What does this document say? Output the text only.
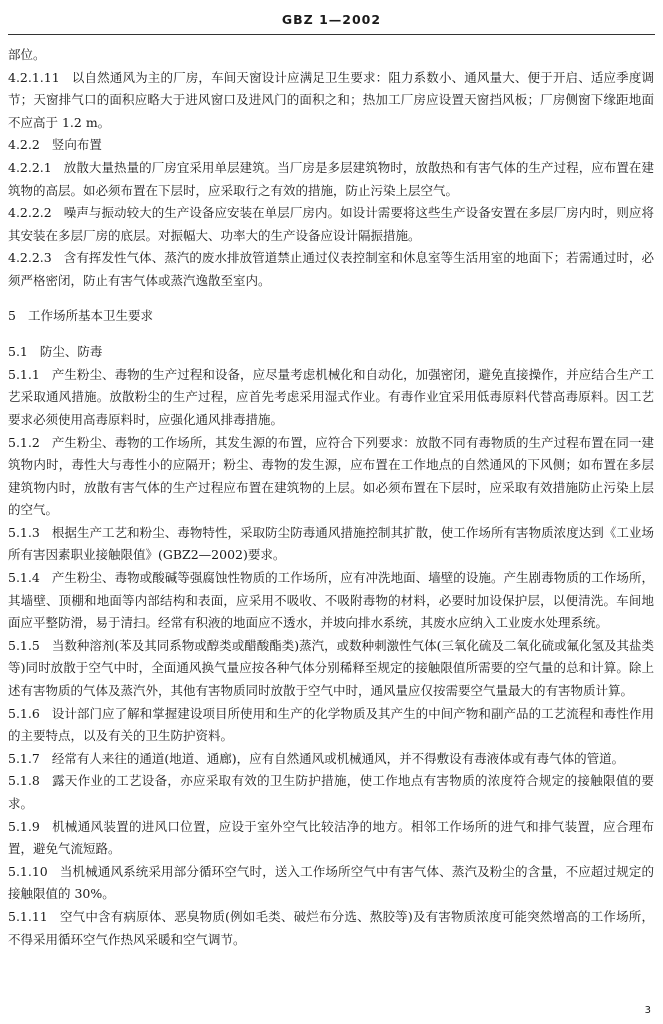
GBZ 1—2002

部位。

4.2.1.11 以自然通风为主的厂房，车间天窗设计应满足卫生要求：阻力系数小、通风量大、便于开启、适应季度调节；天窗排气口的面积应略大于进风窗口及进风门的面积之和；热加工厂房应设置天窗挡风板；厂房侧窗下缘距地面不应高于 1.2 m。

4.2.2 竖向布置

4.2.2.1 放散大量热量的厂房宜采用单层建筑。当厂房是多层建筑物时，放散热和有害气体的生产过程，应布置在建筑物的高层。如必须布置在下层时，应采取行之有效的措施，防止污染上层空气。

4.2.2.2 噪声与振动较大的生产设备应安装在单层厂房内。如设计需要将这些生产设备安置在多层厂房内时，则应将其安装在多层厂房的底层。对振幅大、功率大的生产设备应设计隔振措施。

4.2.2.3 含有挥发性气体、蒸汽的废水排放管道禁止通过仪表控制室和休息室等生活用室的地面下；若需通过时，必须严格密闭，防止有害气体或蒸汽逸散至室内。

5 工作场所基本卫生要求

5.1 防尘、防毒

5.1.1 产生粉尘、毒物的生产过程和设备，应尽量考虑机械化和自动化，加强密闭，避免直接操作，并应结合生产工艺采取通风措施。放散粉尘的生产过程，应首先考虑采用湿式作业。有毒作业宜采用低毒原料代替高毒原料。因工艺要求必须使用高毒原料时，应强化通风排毒措施。

5.1.2 产生粉尘、毒物的工作场所，其发生源的布置，应符合下列要求：放散不同有毒物质的生产过程布置在同一建筑物内时，毒性大与毒性小的应隔开；粉尘、毒物的发生源，应布置在工作地点的自然通风的下风侧；如布置在多层建筑物内时，放散有害气体的生产过程应布置在建筑物的上层。如必须布置在下层时，应采取有效措施防止污染上层的空气。

5.1.3 根据生产工艺和粉尘、毒物特性，采取防尘防毒通风措施控制其扩散，使工作场所有害物质浓度达到《工业场所有害因素职业接触限值》(GBZ2—2002)要求。

5.1.4 产生粉尘、毒物或酸碱等强腐蚀性物质的工作场所，应有冲洗地面、墙壁的设施。产生剧毒物质的工作场所，其墙壁、顶棚和地面等内部结构和表面，应采用不吸收、不吸附毒物的材料，必要时加设保护层，以便清洗。车间地面应平整防滑，易于清扫。经常有积液的地面应不透水，并坡向排水系统，其废水应纳入工业废水处理系统。

5.1.5 当数种溶剂(苯及其同系物或醇类或醋酸酯类)蒸汽，或数种刺激性气体(三氧化硫及二氧化硫或氟化氢及其盐类等)同时放散于空气中时，全面通风换气量应按各种气体分别稀释至规定的接触限值所需要的空气量的总和计算。除上述有害物质的气体及蒸汽外，其他有害物质同时放散于空气中时，通风量应仅按需要空气量最大的有害物质计算。

5.1.6 设计部门应了解和掌握建设项目所使用和生产的化学物质及其产生的中间产物和副产品的工艺流程和毒性作用的主要特点，以及有关的卫生防护资料。

5.1.7 经常有人来往的通道(地道、通廊)，应有自然通风或机械通风，并不得敷设有毒液体或有毒气体的管道。

5.1.8 露天作业的工艺设备，亦应采取有效的卫生防护措施，使工作地点有害物质的浓度符合规定的接触限值的要求。

5.1.9 机械通风装置的进风口位置，应设于室外空气比较洁净的地方。相邻工作场所的进气和排气装置，应合理布置，避免气流短路。

5.1.10 当机械通风系统采用部分循环空气时，送入工作场所空气中有害气体、蒸汽及粉尘的含量，不应超过规定的接触限值的 30%。

5.1.11 空气中含有病原体、恶臭物质(例如毛类、破烂布分选、熬胶等)及有害物质浓度可能突然增高的工作场所，不得采用循环空气作热风采暖和空气调节。

3
